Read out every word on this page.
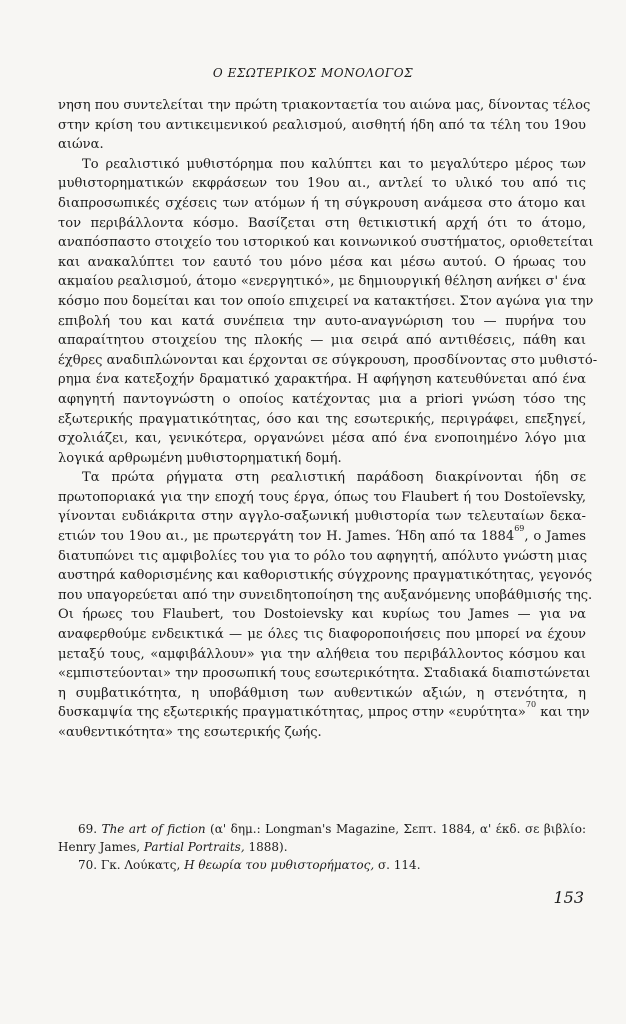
Ο ΕΣΩΤΕΡΙΚΟΣ ΜΟΝΟΛΟΓΟΣ
νηση που συντελείται την πρώτη τριακονταετία του αιώνα μας, δίνοντας τέλος
στην κρίση του αντικειμενικού ρεαλισμού, αισθητή ήδη από τα τέλη του 19ου
αιώνα.
Το ρεαλιστικό μυθιστόρημα που καλύπτει και το μεγαλύτερο μέρος των
μυθιστορηματικών εκφράσεων του 19ου αι., αντλεί το υλικό του από τις
διαπροσωπικές σχέσεις των ατόμων ή τη σύγκρουση ανάμεσα στο άτομο και
τον περιβάλλοντα κόσμο. Βασίζεται στη θετικιστική αρχή ότι το άτομο,
αναπόσπαστο στοιχείο του ιστορικού και κοινωνικού συστήματος, οριοθετείται
και ανακαλύπτει τον εαυτό του μόνο μέσα και μέσω αυτού. Ο ήρωας του
ακμαίου ρεαλισμού, άτομο «ενεργητικό», με δημιουργική θέληση ανήκει σ' ένα
κόσμο που δομείται και τον οποίο επιχειρεί να κατακτήσει. Στον αγώνα για την
επιβολή του και κατά συνέπεια την αυτο-αναγνώριση του — πυρήνα του
απαραίτητου στοιχείου της πλοκής — μια σειρά από αντιθέσεις, πάθη και
έχθρες αναδιπλώνονται και έρχονται σε σύγκρουση, προσδίνοντας στο μυθιστό-
ρημα ένα κατεξοχήν δραματικό χαρακτήρα. Η αφήγηση κατευθύνεται από ένα
αφηγητή παντογνώστη ο οποίος κατέχοντας μια a priori γνώση τόσο της
εξωτερικής πραγματικότητας, όσο και της εσωτερικής, περιγράφει, επεξηγεί,
σχολιάζει, και, γενικότερα, οργανώνει μέσα από ένα ενοποιημένο λόγο μια
λογικά αρθρωμένη μυθιστορηματική δομή.
Τα πρώτα ρήγματα στη ρεαλιστική παράδοση διακρίνονται ήδη σε
πρωτοποριακά για την εποχή τους έργα, όπως του Flaubert ή του Dostoïevsky,
γίνονται ευδιάκριτα στην αγγλο-σαξωνική μυθιστορία των τελευταίων δεκα-
ετιών του 19ου αι., με πρωτεργάτη τον H. James. Ήδη από τα 1884$^{69}$, ο James
διατυπώνει τις αμφιβολίες του για το ρόλο του αφηγητή, απόλυτο γνώστη μιας
αυστηρά καθορισμένης και καθοριστικής σύγχρονης πραγματικότητας, γεγονός
που υπαγορεύεται από την συνειδητοποίηση της αυξανόμενης υποβάθμισής της.
Οι ήρωες του Flaubert, του Dostoievsky και κυρίως του James — για να
αναφερθούμε ενδεικτικά — με όλες τις διαφοροποιήσεις που μπορεί να έχουν
μεταξύ τους, «αμφιβάλλουν» για την αλήθεια του περιβάλλοντος κόσμου και
«εμπιστεύονται» την προσωπική τους εσωτερικότητα. Σταδιακά διαπιστώνεται
η συμβατικότητα, η υποβάθμιση των αυθεντικών αξιών, η στενότητα, η
δυσκαμψία της εξωτερικής πραγματικότητας, μπρος στην «ευρύτητα»$^{70}$ και την
«αυθεντικότητα» της εσωτερικής ζωής.
69. The art of fiction (α' δημ.: Longman's Magazine, Σεπτ. 1884, α' έκδ. σε βιβλίο:
Henry James, Partial Portraits, 1888).
70. Γκ. Λούκατς, Η θεωρία του μυθιστορήματος, σ. 114.
153
